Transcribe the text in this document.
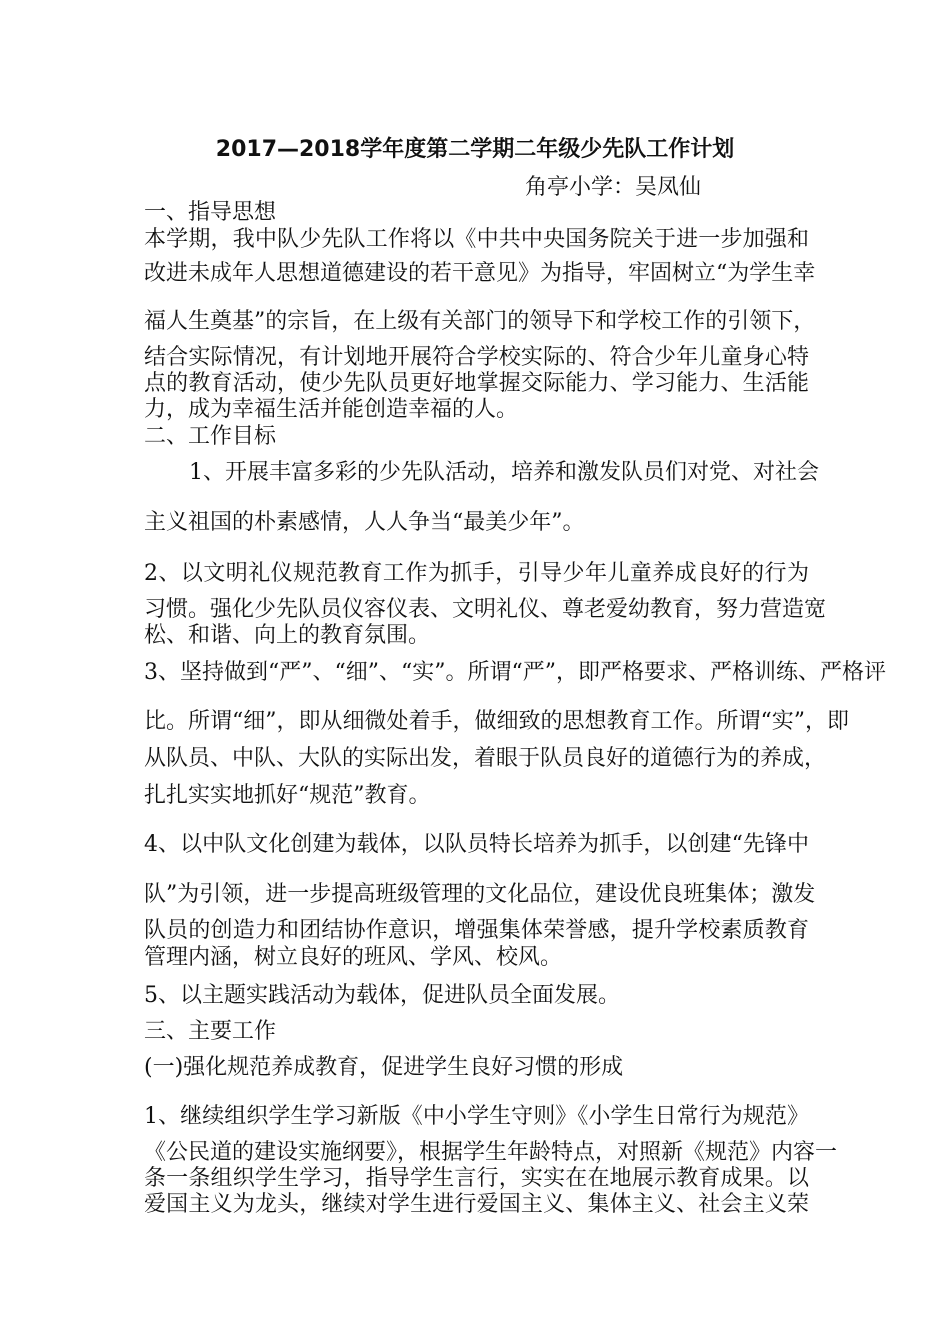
2017—2018学年度第二学期二年级少先队工作计划
角亭小学：吴凤仙
一、指导思想
本学期，我中队少先队工作将以《中共中央国务院关于进一步加强和
改进未成年人思想道德建设的若干意见》为指导，牢固树立“为学生幸
福人生奠基”的宗旨，在上级有关部门的领导下和学校工作的引领下，
结合实际情况，有计划地开展符合学校实际的、符合少年儿童身心特
点的教育活动，使少先队员更好地掌握交际能力、学习能力、生活能
力，成为幸福生活并能创造幸福的人。
二、工作目标
1、开展丰富多彩的少先队活动，培养和激发队员们对党、对社会
主义祖国的朴素感情，人人争当“最美少年”。
2、以文明礼仪规范教育工作为抓手，引导少年儿童养成良好的行为
习惯。强化少先队员仪容仪表、文明礼仪、尊老爱幼教育，努力营造宽
松、和谐、向上的教育氛围。
3、坚持做到“严”、“细”、“实”。所谓“严”，即严格要求、严格训练、严格评
比。所谓“细”，即从细微处着手，做细致的思想教育工作。所谓“实”，即
从队员、中队、大队的实际出发，着眼于队员良好的道德行为的养成，
扎扎实实地抓好“规范”教育。
4、以中队文化创建为载体，以队员特长培养为抓手，以创建“先锋中
队”为引领，进一步提高班级管理的文化品位，建设优良班集体；激发
队员的创造力和团结协作意识，增强集体荣誉感，提升学校素质教育
管理内涵，树立良好的班风、学风、校风。
5、以主题实践活动为载体，促进队员全面发展。
三、主要工作
(一)强化规范养成教育，促进学生良好习惯的形成
1、继续组织学生学习新版《中小学生守则》《小学生日常行为规范》
《公民道的建设实施纲要》，根据学生年龄特点，对照新《规范》内容一
条一条组织学生学习，指导学生言行，实实在在地展示教育成果。以
爱国主义为龙头，继续对学生进行爱国主义、集体主义、社会主义荣
